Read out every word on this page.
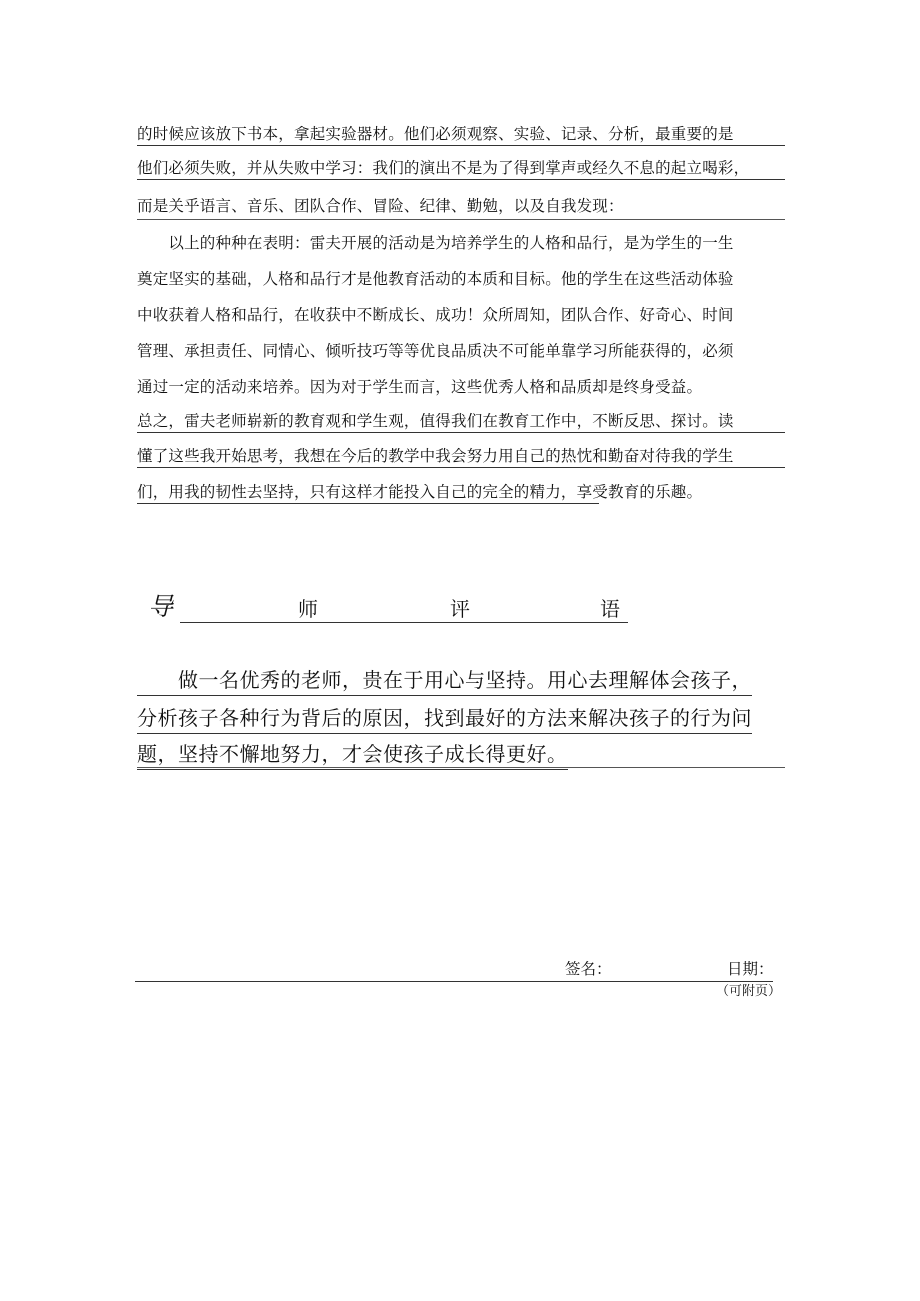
的时候应该放下书本，拿起实验器材。他们必须观察、实验、记录、分析，最重要的是
他们必须失败，并从失败中学习：我们的演出不是为了得到掌声或经久不息的起立喝彩，
而是关乎语言、音乐、团队合作、冒险、纪律、勤勉，以及自我发现：
　　以上的种种在表明：雷夫开展的活动是为培养学生的人格和品行，是为学生的一生
奠定坚实的基础，人格和品行才是他教育活动的本质和目标。他的学生在这些活动体验
中收获着人格和品行，在收获中不断成长、成功！众所周知，团队合作、好奇心、时间
管理、承担责任、同情心、倾听技巧等等优良品质决不可能单靠学习所能获得的，必须
通过一定的活动来培养。因为对于学生而言，这些优秀人格和品质却是终身受益。
总之，雷夫老师崭新的教育观和学生观，值得我们在教育工作中，不断反思、探讨。读
懂了这些我开始思考，我想在今后的教学中我会努力用自己的热忱和勤奋对待我的学生
们，用我的韧性去坚持，只有这样才能投入自己的完全的精力，享受教育的乐趣。
导	师	评	语
　　做一名优秀的老师，贵在于用心与坚持。用心去理解体会孩子，
分析孩子各种行为背后的原因，找到最好的方法来解决孩子的行为问
题，坚持不懈地努力，才会使孩子成长得更好。
签名：	日期：
（可附页）
